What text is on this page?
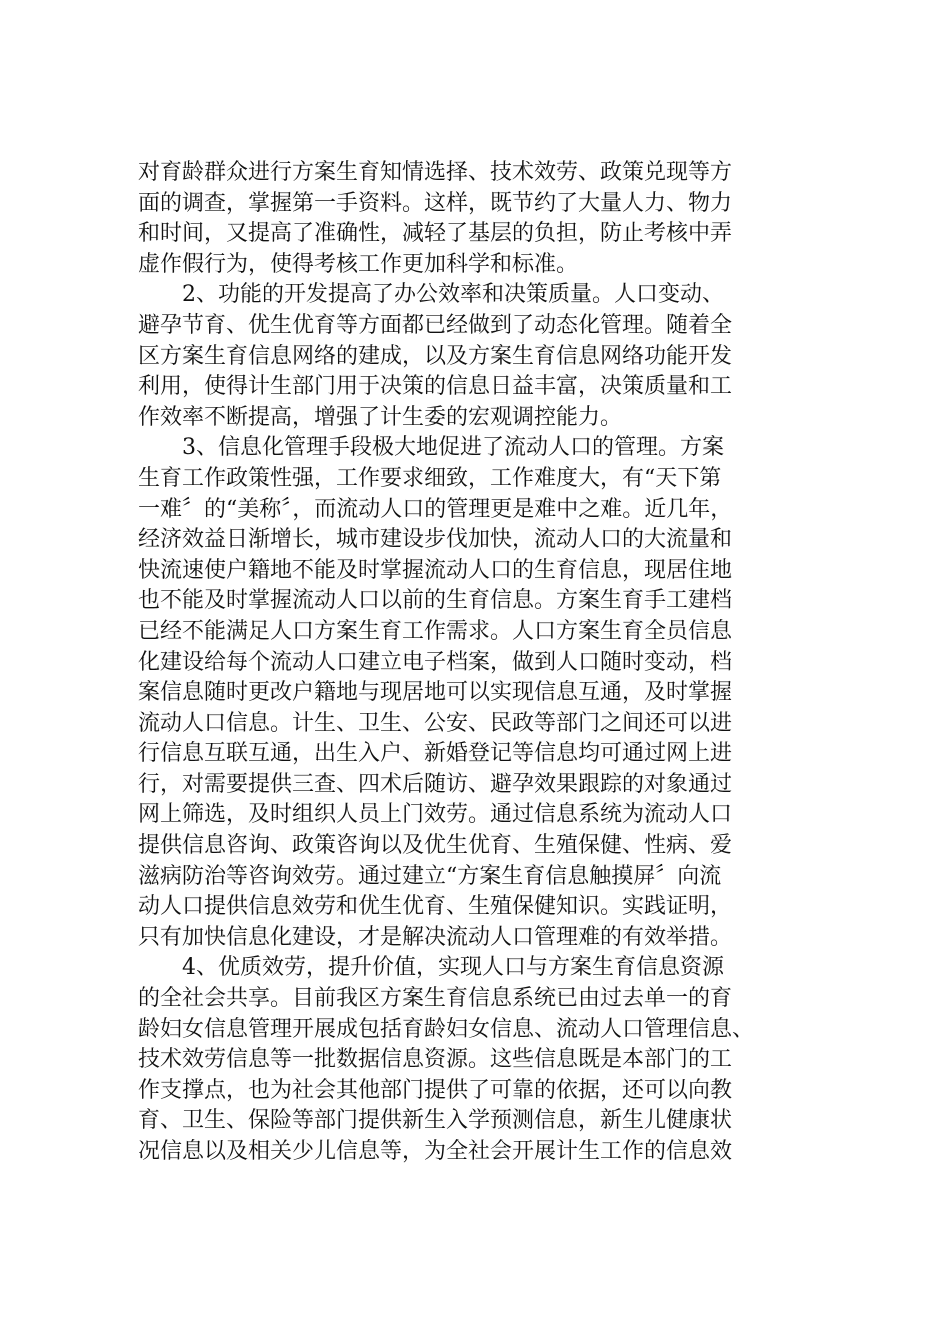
对育龄群众进行方案生育知情选择、技术效劳、政策兑现等方
面的调查，掌握第一手资料。这样，既节约了大量人力、物力
和时间，又提高了准确性，减轻了基层的负担，防止考核中弄
虚作假行为，使得考核工作更加科学和标准。
2、功能的开发提高了办公效率和决策质量。人口变动、
避孕节育、优生优育等方面都已经做到了动态化管理。随着全
区方案生育信息网络的建成，以及方案生育信息网络功能开发
利用，使得计生部门用于决策的信息日益丰富，决策质量和工
作效率不断提高，增强了计生委的宏观调控能力。
3、信息化管理手段极大地促进了流动人口的管理。方案
生育工作政策性强，工作要求细致，工作难度大，有“天下第
一难〞的“美称〞，而流动人口的管理更是难中之难。近几年，
经济效益日渐增长，城市建设步伐加快，流动人口的大流量和
快流速使户籍地不能及时掌握流动人口的生育信息，现居住地
也不能及时掌握流动人口以前的生育信息。方案生育手工建档
已经不能满足人口方案生育工作需求。人口方案生育全员信息
化建设给每个流动人口建立电子档案，做到人口随时变动，档
案信息随时更改户籍地与现居地可以实现信息互通，及时掌握
流动人口信息。计生、卫生、公安、民政等部门之间还可以进
行信息互联互通，出生入户、新婚登记等信息均可通过网上进
行，对需要提供三查、四术后随访、避孕效果跟踪的对象通过
网上筛选，及时组织人员上门效劳。通过信息系统为流动人口
提供信息咨询、政策咨询以及优生优育、生殖保健、性病、爱
滋病防治等咨询效劳。通过建立“方案生育信息触摸屏〞向流
动人口提供信息效劳和优生优育、生殖保健知识。实践证明，
只有加快信息化建设，才是解决流动人口管理难的有效举措。
4、优质效劳，提升价值，实现人口与方案生育信息资源
的全社会共享。目前我区方案生育信息系统已由过去单一的育
龄妇女信息管理开展成包括育龄妇女信息、流动人口管理信息、
技术效劳信息等一批数据信息资源。这些信息既是本部门的工
作支撑点，也为社会其他部门提供了可靠的依据，还可以向教
育、卫生、保险等部门提供新生入学预测信息，新生儿健康状
况信息以及相关少儿信息等，为全社会开展计生工作的信息效
